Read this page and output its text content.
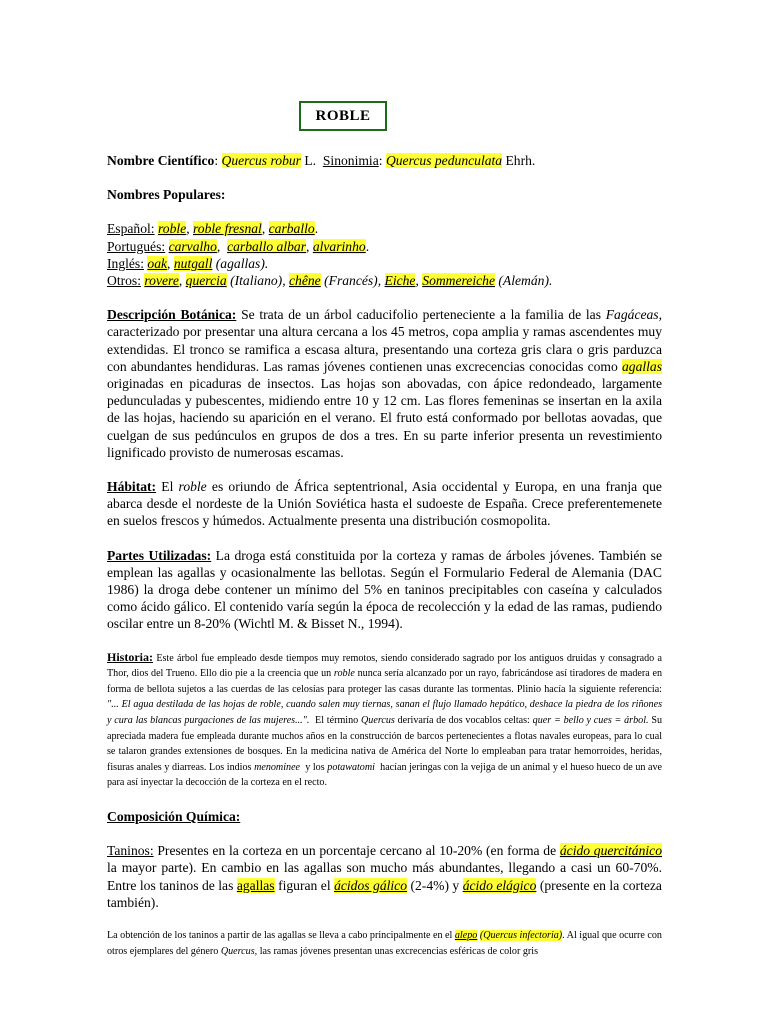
ROBLE

Nombre Científico: Quercus robur L. Sinonimia: Quercus pedunculata Ehrh.

Nombres Populares:

Español: roble, roble fresnal, carballo.

Portugués: carvalho,  carballo albar, alvarinho.

Inglés: oak, nutgall (agallas).

Otros: rovere, quercia (Italiano), chêne (Francés), Eiche, Sommereiche (Alemán).

Descripción Botánica: Se trata de un árbol caducifolio perteneciente a la familia de las Fagáceas, caracterizado por presentar una altura cercana a los 45 metros, copa amplia y ramas ascendentes muy extendidas. El tronco se ramifica a escasa altura, presentando una corteza gris clara o gris parduzca con abundantes hendiduras. Las ramas jóvenes contienen unas excrecencias conocidas como agallas originadas en picaduras de insectos. Las hojas son abovadas, con ápice redondeado, largamente pedunculadas y pubescentes, midiendo entre 10 y 12 cm. Las flores femeninas se insertan en la axila de las hojas, haciendo su aparición en el verano. El fruto está conformado por bellotas aovadas, que cuelgan de sus pedúnculos en grupos de dos a tres. En su parte inferior presenta un revestimiento lignificado provisto de numerosas escamas.

Hábitat: El roble es oriundo de África septentrional, Asia occidental y Europa, en una franja que abarca desde el nordeste de la Unión Soviética hasta el sudoeste de España. Crece preferentemenete en suelos frescos y húmedos. Actualmente presenta una distribución cosmopolita.

Partes Utilizadas: La droga está constituida por la corteza y ramas de árboles jóvenes. También se emplean las agallas y ocasionalmente las bellotas. Según el Formulario Federal de Alemania (DAC 1986) la droga debe contener un mínimo del 5% en taninos precipitables con caseína y calculados como ácido gálico. El contenido varía según la época de recolección y la edad de las ramas, pudiendo oscilar entre un 8-20% (Wichtl M. & Bisset N., 1994).

Historia: Este árbol fue empleado desde tiempos muy remotos, siendo considerado sagrado por los antiguos druidas y consagrado a Thor, dios del Trueno. Ello dio pie a la creencia que un roble nunca sería alcanzado por un rayo, fabricándose así tiradores de madera en forma de bellota sujetos a las cuerdas de las celosías para proteger las casas durante las tormentas. Plinio hacía la siguiente referencia: "... El agua destilada de las hojas de roble, cuando salen muy tiernas, sanan el flujo llamado hepático, deshace la piedra de los riñones y cura las blancas purgaciones de las mujeres...". El término Quercus derivaría de dos vocablos celtas: quer = bello y cues = árbol. Su apreciada madera fue empleada durante muchos años en la construcción de barcos pertenecientes a flotas navales europeas, para lo cual se talaron grandes extensiones de bosques. En la medicina nativa de América del Norte lo empleaban para tratar hemorroides, heridas, fisuras anales y diarreas. Los indios menominee y los potawatomi hacían jeringas con la vejiga de un animal y el hueso hueco de un ave para así inyectar la decocción de la corteza en el recto.

Composición Química:

Taninos: Presentes en la corteza en un porcentaje cercano al 10-20% (en forma de ácido quercitánico la mayor parte). En cambio en las agallas son mucho más abundantes, llegando a casi un 60-70%. Entre los taninos de las agallas figuran el ácidos gálico (2-4%) y ácido elágico (presente en la corteza también).

La obtención de los taninos a partir de las agallas se lleva a cabo principalmente en el alepo (Quercus infectoria). Al igual que ocurre con otros ejemplares del género Quercus, las ramas jóvenes presentan unas excrecencias esféricas de color gris
